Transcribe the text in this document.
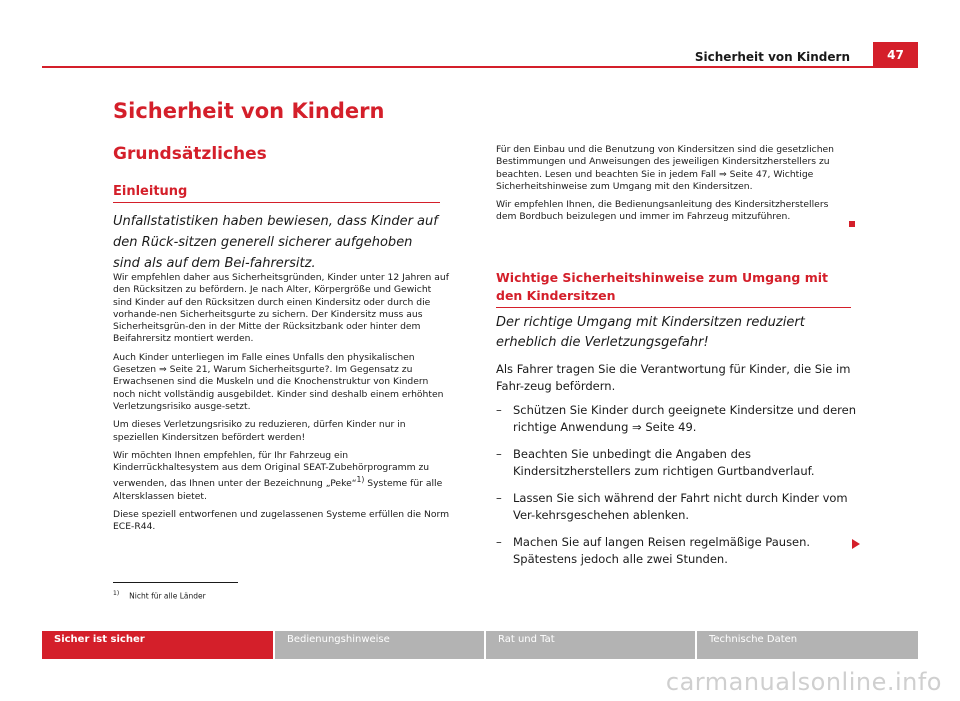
Sicherheit von Kindern	47
Sicherheit von Kindern
Grundsätzliches
Einleitung

Unfallstatistiken haben bewiesen, dass Kinder auf den Rück-sitzen generell sicherer aufgehoben sind als auf dem Bei-fahrersitz.

Wir empfehlen daher aus Sicherheitsgründen, Kinder unter 12 Jahren auf den Rücksitzen zu befördern. Je nach Alter, Körpergröße und Gewicht sind Kinder auf den Rücksitzen durch einen Kindersitz oder durch die vorhande-nen Sicherheitsgurte zu sichern. Der Kindersitz muss aus Sicherheitsgrün-den in der Mitte der Rücksitzbank oder hinter dem Beifahrersitz montiert werden.

Auch Kinder unterliegen im Falle eines Unfalls den physikalischen Gesetzen ⇒ Seite 21, Warum Sicherheitsgurte?. Im Gegensatz zu Erwachsenen sind die Muskeln und die Knochenstruktur von Kindern noch nicht vollständig ausgebildet. Kinder sind deshalb einem erhöhten Verletzungsrisiko ausge-setzt.

Um dieses Verletzungsrisiko zu reduzieren, dürfen Kinder nur in speziellen Kindersitzen befördert werden!

Wir möchten Ihnen empfehlen, für Ihr Fahrzeug ein Kinderrückhaltesystem aus dem Original SEAT-Zubehörprogramm zu verwenden, das Ihnen unter der Bezeichnung „Peke“$^{1)}$ Systeme für alle Altersklassen bietet.

Diese speziell entworfenen und zugelassenen Systeme erfüllen die Norm ECE-R44.

Für den Einbau und die Benutzung von Kindersitzen sind die gesetzlichen Bestimmungen und Anweisungen des jeweiligen Kindersitzherstellers zu beachten. Lesen und beachten Sie in jedem Fall ⇒ Seite 47, Wichtige Sicherheitshinweise zum Umgang mit den Kindersitzen.

Wir empfehlen Ihnen, die Bedienungsanleitung des Kindersitzherstellers dem Bordbuch beizulegen und immer im Fahrzeug mitzuführen.

Wichtige Sicherheitshinweise zum Umgang mit den Kindersitzen

Der richtige Umgang mit Kindersitzen reduziert erheblich die Verletzungsgefahr!

Als Fahrer tragen Sie die Verantwortung für Kinder, die Sie im Fahr-zeug befördern.

– Schützen Sie Kinder durch geeignete Kindersitze und deren richtige Anwendung ⇒ Seite 49.
– Beachten Sie unbedingt die Angaben des Kindersitzherstellers zum richtigen Gurtbandverlauf.
– Lassen Sie sich während der Fahrt nicht durch Kinder vom Ver-kehrsgeschehen ablenken.
– Machen Sie auf langen Reisen regelmäßige Pausen. Spätestens jedoch alle zwei Stunden.
$^{1)}$ Nicht für alle Länder
Sicher ist sicher	Bedienungshinweise	Rat und Tat	Technische Daten
carmanualsonline.info
